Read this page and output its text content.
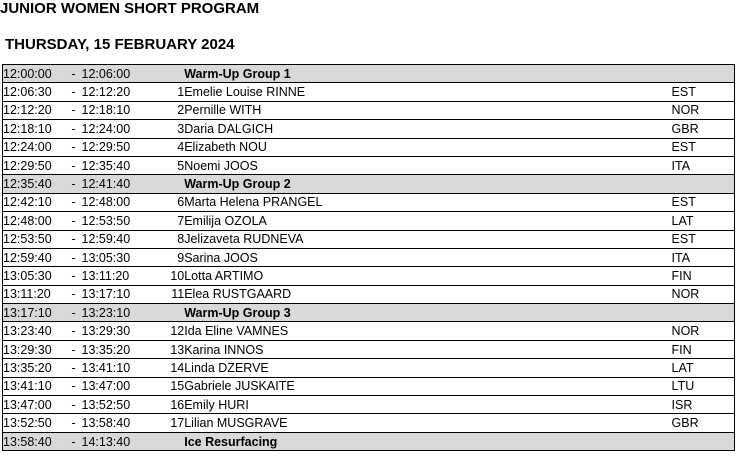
JUNIOR WOMEN SHORT PROGRAM
THURSDAY, 15 FEBRUARY 2024
12:00:00	-	12:06:00		Warm-Up Group 1	
12:06:30	-	12:12:20	1	Emelie Louise RINNE	EST
12:12:20	-	12:18:10	2	Pernille WITH	NOR
12:18:10	-	12:24:00	3	Daria DALGICH	GBR
12:24:00	-	12:29:50	4	Elizabeth NOU	EST
12:29:50	-	12:35:40	5	Noemi JOOS	ITA
12:35:40	-	12:41:40		Warm-Up Group 2	
12:42:10	-	12:48:00	6	Marta Helena PRANGEL	EST
12:48:00	-	12:53:50	7	Emilija OZOLA	LAT
12:53:50	-	12:59:40	8	Jelizaveta RUDNEVA	EST
12:59:40	-	13:05:30	9	Sarina JOOS	ITA
13:05:30	-	13:11:20	10	Lotta ARTIMO	FIN
13:11:20	-	13:17:10	11	Elea RUSTGAARD	NOR
13:17:10	-	13:23:10		Warm-Up Group 3	
13:23:40	-	13:29:30	12	Ida Eline VAMNES	NOR
13:29:30	-	13:35:20	13	Karina INNOS	FIN
13:35:20	-	13:41:10	14	Linda DZERVE	LAT
13:41:10	-	13:47:00	15	Gabriele JUSKAITE	LTU
13:47:00	-	13:52:50	16	Emily HURI	ISR
13:52:50	-	13:58:40	17	Lilian MUSGRAVE	GBR
13:58:40	-	14:13:40		Ice Resurfacing	
